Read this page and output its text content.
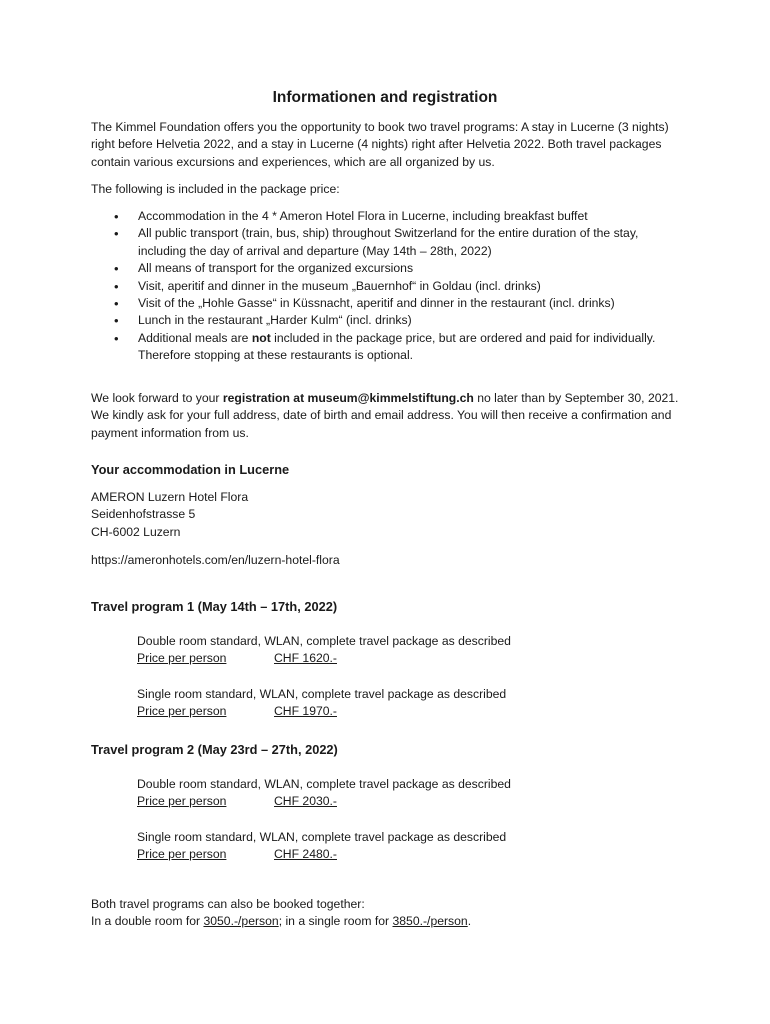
Informationen and registration

The Kimmel Foundation offers you the opportunity to book two travel programs: A stay in Lucerne (3 nights) right before Helvetia 2022, and a stay in Lucerne (4 nights) right after Helvetia 2022. Both travel packages contain various excursions and experiences, which are all organized by us.

The following is included in the package price:

• Accommodation in the 4 * Ameron Hotel Flora in Lucerne, including breakfast buffet
• All public transport (train, bus, ship) throughout Switzerland for the entire duration of the stay, including the day of arrival and departure (May 14th – 28th, 2022)
• All means of transport for the organized excursions
• Visit, aperitif and dinner in the museum „Bauernhof“ in Goldau (incl. drinks)
• Visit of the „Hohle Gasse“ in Küssnacht, aperitif and dinner in the restaurant (incl. drinks)
• Lunch in the restaurant „Harder Kulm“ (incl. drinks)
• Additional meals are not included in the package price, but are ordered and paid for individually. Therefore stopping at these restaurants is optional.

We look forward to your registration at museum@kimmelstiftung.ch no later than by September 30, 2021. We kindly ask for your full address, date of birth and email address. You will then receive a confirmation and payment information from us.

Your accommodation in Lucerne

AMERON Luzern Hotel Flora

Seidenhofstrasse 5

CH-6002 Luzern

https://ameronhotels.com/en/luzern-hotel-flora

Travel program 1 (May 14th – 17th, 2022)

Double room standard, WLAN, complete travel package as described

Price per person	CHF 1620.-

Single room standard, WLAN, complete travel package as described

Price per person	CHF 1970.-

Travel program 2 (May 23rd – 27th, 2022)

Double room standard, WLAN, complete travel package as described

Price per person	CHF 2030.-

Single room standard, WLAN, complete travel package as described

Price per person	CHF 2480.-

Both travel programs can also be booked together:

In a double room for 3050.-/person; in a single room for 3850.-/person.
